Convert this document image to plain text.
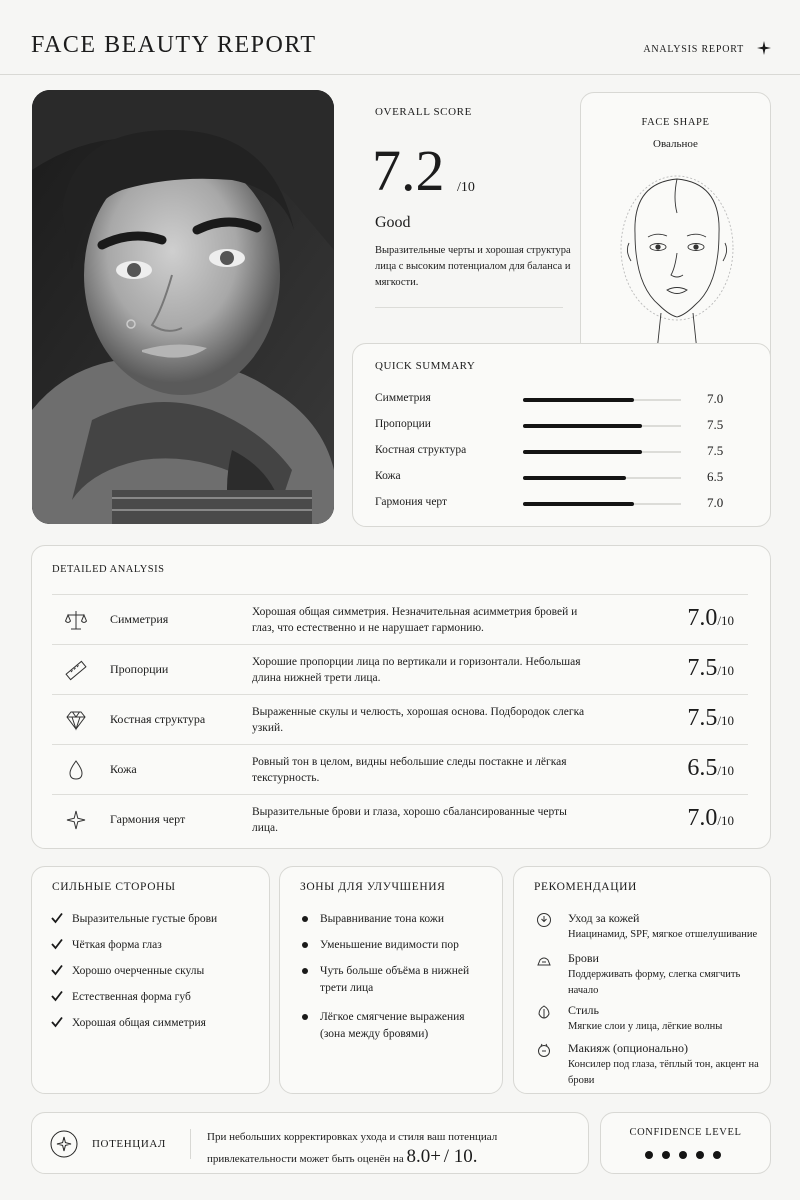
FACE BEAUTY REPORT	ANALYSIS REPORT
OVERALL SCORE
7.2 /10
Good
Выразительные черты и хорошая структура лица с высоким потенциалом для баланса и мягкости.
FACE SHAPE
Овальное
QUICK SUMMARY
Симметрия	7.0
Пропорции	7.5
Костная структура	7.5
Кожа	6.5
Гармония черт	7.0
DETAILED ANALYSIS
Симметрия	Хорошая общая симметрия. Незначительная асимметрия бровей и глаз, что естественно и не нарушает гармонию.	7.0/10
Пропорции	Хорошие пропорции лица по вертикали и горизонтали. Небольшая длина нижней трети лица.	7.5/10
Костная структура	Выраженные скулы и челюсть, хорошая основа. Подбородок слегка узкий.	7.5/10
Кожа	Ровный тон в целом, видны небольшие следы постакне и лёгкая текстурность.	6.5/10
Гармония черт	Выразительные брови и глаза, хорошо сбалансированные черты лица.	7.0/10
СИЛЬНЫЕ СТОРОНЫ
Выразительные густые брови
Чёткая форма глаз
Хорошо очерченные скулы
Естественная форма губ
Хорошая общая симметрия
ЗОНЫ ДЛЯ УЛУЧШЕНИЯ
Выравнивание тона кожи
Уменьшение видимости пор
Чуть больше объёма в нижней трети лица
Лёгкое смягчение выражения (зона между бровями)
РЕКОМЕНДАЦИИ
Уход за кожей
Ниацинамид, SPF, мягкое отшелушивание
Брови
Поддерживать форму, слегка смягчить начало
Стиль
Мягкие слои у лица, лёгкие волны
Макияж (опционально)
Консилер под глаза, тёплый тон, акцент на брови
ПОТЕНЦИАЛ
При небольших корректировках ухода и стиля ваш потенциал привлекательности может быть оценён на 8.0+ / 10.
CONFIDENCE LEVEL
